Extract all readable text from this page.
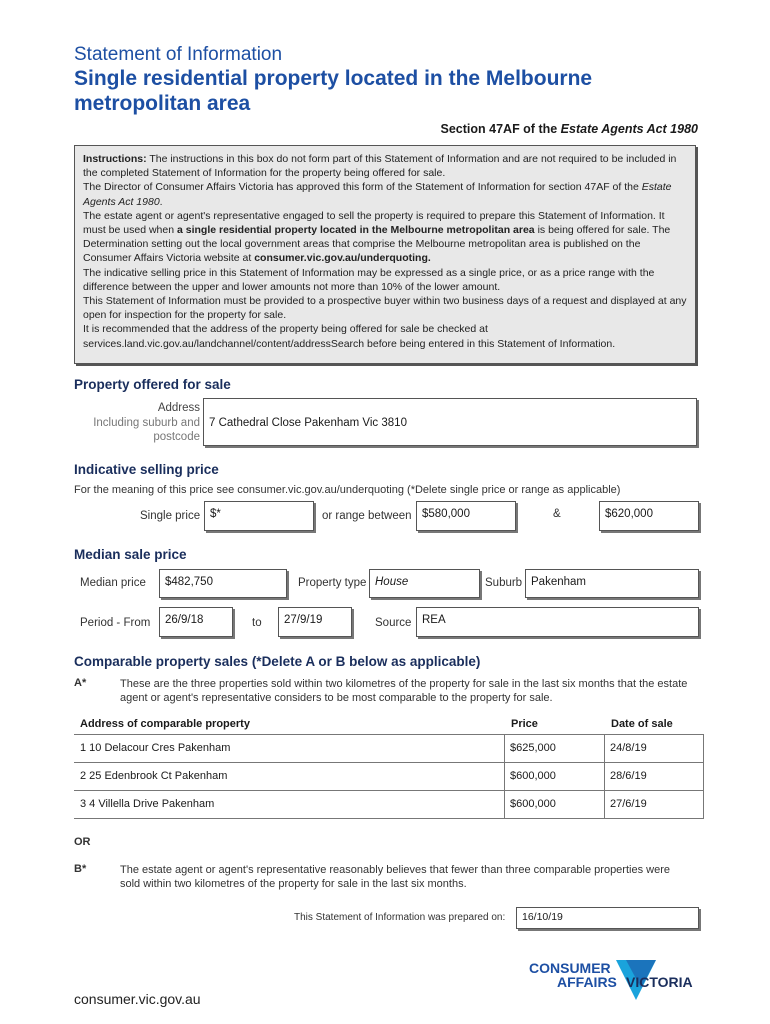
Statement of Information
Single residential property located in the Melbourne
metropolitan area
Section 47AF of the Estate Agents Act 1980

Instructions: The instructions in this box do not form part of this Statement of Information and are not required to be included in the completed Statement of Information for the property being offered for sale.

The Director of Consumer Affairs Victoria has approved this form of the Statement of Information for section 47AF of the Estate Agents Act 1980.

The estate agent or agent's representative engaged to sell the property is required to prepare this Statement of Information. It must be used when a single residential property located in the Melbourne metropolitan area is being offered for sale. The Determination setting out the local government areas that comprise the Melbourne metropolitan area is published on the Consumer Affairs Victoria website at consumer.vic.gov.au/underquoting.

The indicative selling price in this Statement of Information may be expressed as a single price, or as a price range with the difference between the upper and lower amounts not more than 10% of the lower amount.

This Statement of Information must be provided to a prospective buyer within two business days of a request and displayed at any open for inspection for the property for sale.

It is recommended that the address of the property being offered for sale be checked at services.land.vic.gov.au/landchannel/content/addressSearch before being entered in this Statement of Information.

Property offered for sale
Address
Including suburb and
postcode
7 Cathedral Close Pakenham Vic 3810
Indicative selling price
For the meaning of this price see consumer.vic.gov.au/underquoting (*Delete single price or range as applicable)
Single price $*	or range between $580,000	&	$620,000
Median sale price
Median price	$482,750	Property type House	Suburb Pakenham
Period - From	26/9/18	to	27/9/19	Source REA
Comparable property sales (*Delete A or B below as applicable)
A*	These are the three properties sold within two kilometres of the property for sale in the last six months that the estate agent or agent's representative considers to be most comparable to the property for sale.
Address of comparable property	Price	Date of sale
1 10 Delacour Cres Pakenham	$625,000	24/8/19
2 25 Edenbrook Ct Pakenham	$600,000	28/6/19
3 4 Villella Drive Pakenham	$600,000	27/6/19
OR
B*	The estate agent or agent's representative reasonably believes that fewer than three comparable properties were sold within two kilometres of the property for sale in the last six months.
This Statement of Information was prepared on:	16/10/19
consumer.vic.gov.au
CONSUMER
AFFAIRS VICTORIA
